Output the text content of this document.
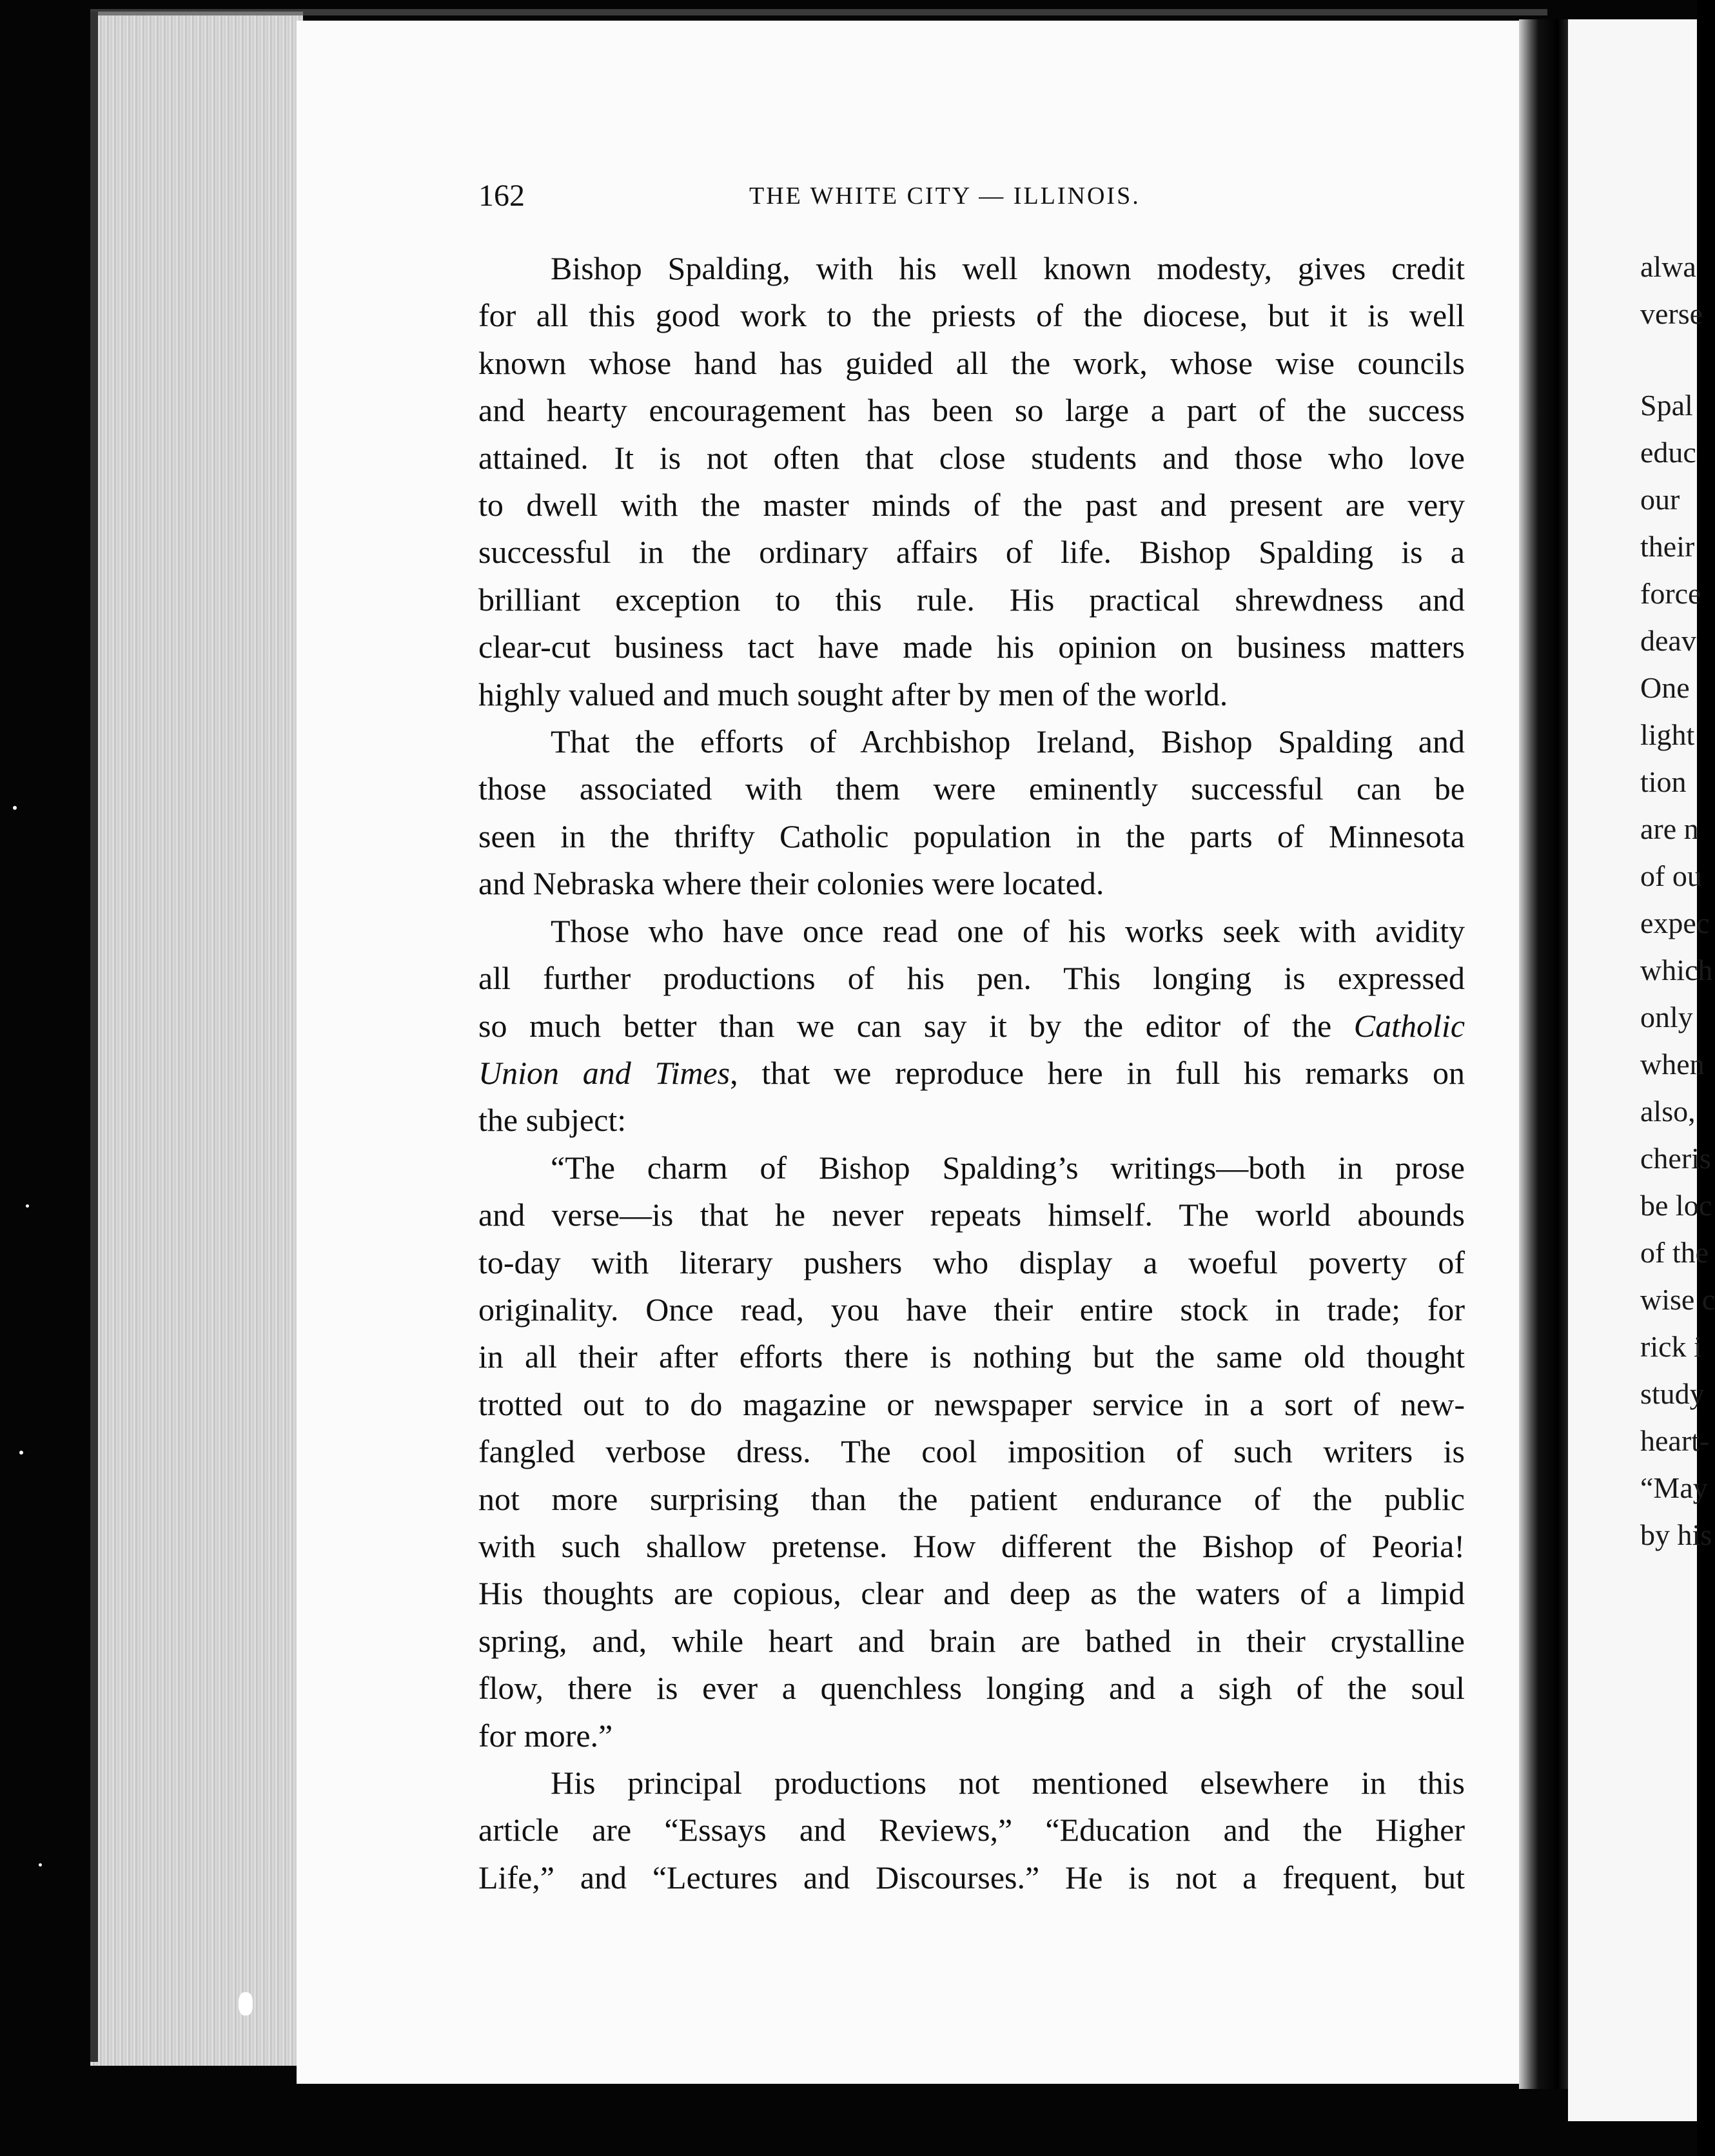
alwa
verse
Spal
educ
our
their
force
deav
One
light
tion
are n
of ou
expec
which
only
when
also,
cheris
be loc
of the
wise c
rick i
study
heart-
“May
by his
162	THE WHITE CITY — ILLINOIS.
Bishop Spalding, with his well known modesty, gives credit
for all this good work to the priests of the diocese, but it is well
known whose hand has guided all the work, whose wise councils
and hearty encouragement has been so large a part of the success
attained. It is not often that close students and those who love
to dwell with the master minds of the past and present are very
successful in the ordinary affairs of life. Bishop Spalding is a
brilliant exception to this rule. His practical shrewdness and
clear-cut business tact have made his opinion on business matters
highly valued and much sought after by men of the world.
That the efforts of Archbishop Ireland, Bishop Spalding and
those associated with them were eminently successful can be
seen in the thrifty Catholic population in the parts of Minnesota
and Nebraska where their colonies were located.
Those who have once read one of his works seek with avidity
all further productions of his pen. This longing is expressed
so much better than we can say it by the editor of the Catholic
Union and Times, that we reproduce here in full his remarks on
the subject:
“The charm of Bishop Spalding’s writings—both in prose
and verse—is that he never repeats himself. The world abounds
to-day with literary pushers who display a woeful poverty of
originality. Once read, you have their entire stock in trade; for
in all their after efforts there is nothing but the same old thought
trotted out to do magazine or newspaper service in a sort of new-
fangled verbose dress. The cool imposition of such writers is
not more surprising than the patient endurance of the public
with such shallow pretense. How different the Bishop of Peoria!
His thoughts are copious, clear and deep as the waters of a limpid
spring, and, while heart and brain are bathed in their crystalline
flow, there is ever a quenchless longing and a sigh of the soul
for more.”
His principal productions not mentioned elsewhere in this
article are “Essays and Reviews,” “Education and the Higher
Life,” and “Lectures and Discourses.” He is not a frequent, but
